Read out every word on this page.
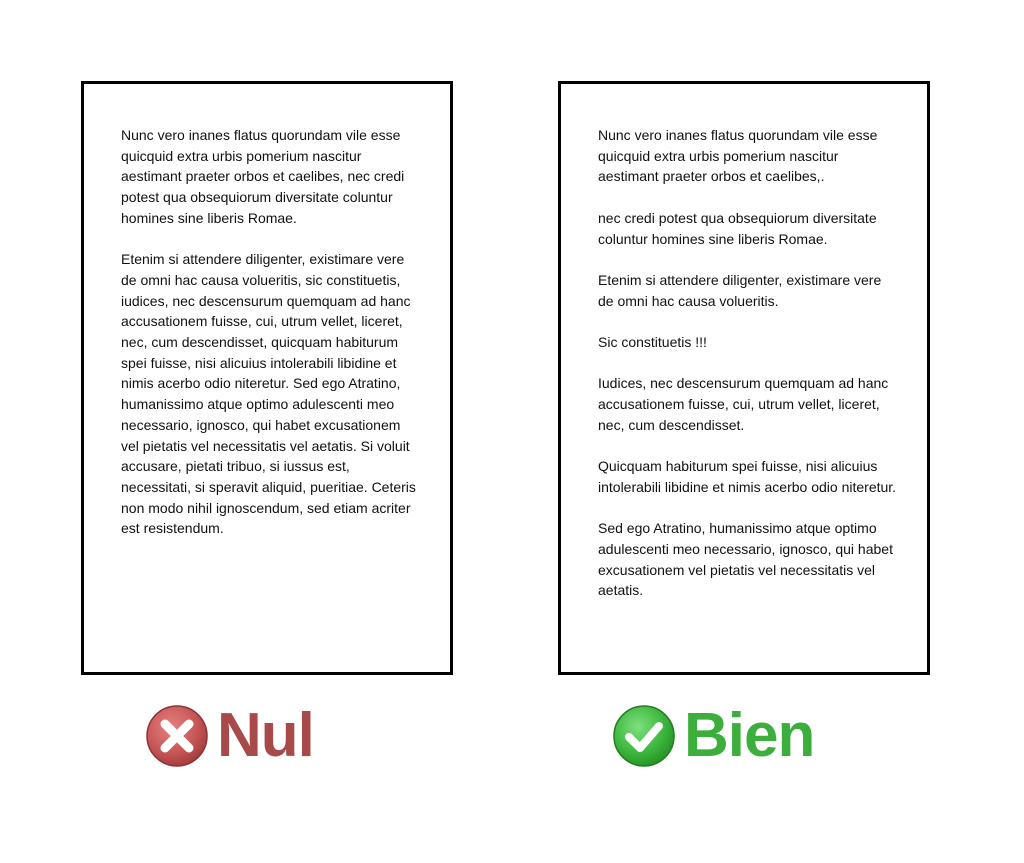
Nunc vero inanes flatus quorundam vile esse quicquid extra urbis pomerium nascitur aestimant praeter orbos et caelibes, nec credi potest qua obsequiorum diversitate coluntur homines sine liberis Romae.

Etenim si attendere diligenter, existimare vere de omni hac causa volueritis, sic constituetis, iudices, nec descensurum quemquam ad hanc accusationem fuisse, cui, utrum vellet, liceret, nec, cum descendisset, quicquam habiturum spei fuisse, nisi alicuius intolerabili libidine et nimis acerbo odio niteretur. Sed ego Atratino, humanissimo atque optimo adulescenti meo necessario, ignosco, qui habet excusationem vel pietatis vel necessitatis vel aetatis. Si voluit accusare, pietati tribuo, si iussus est, necessitati, si speravit aliquid, pueritiae. Ceteris non modo nihil ignoscendum, sed etiam acriter est resistendum.

Nunc vero inanes flatus quorundam vile esse quicquid extra urbis pomerium nascitur aestimant praeter orbos et caelibes,.

nec credi potest qua obsequiorum diversitate coluntur homines sine liberis Romae.

Etenim si attendere diligenter, existimare vere de omni hac causa volueritis.

Sic constituetis !!!

Iudices, nec descensurum quemquam ad hanc accusationem fuisse, cui, utrum vellet, liceret, nec, cum descendisset.

Quicquam habiturum spei fuisse, nisi alicuius intolerabili libidine et nimis acerbo odio niteretur.

Sed ego Atratino, humanissimo atque optimo adulescenti meo necessario, ignosco, qui habet excusationem vel pietatis vel necessitatis vel aetatis.

Nul	Bien
